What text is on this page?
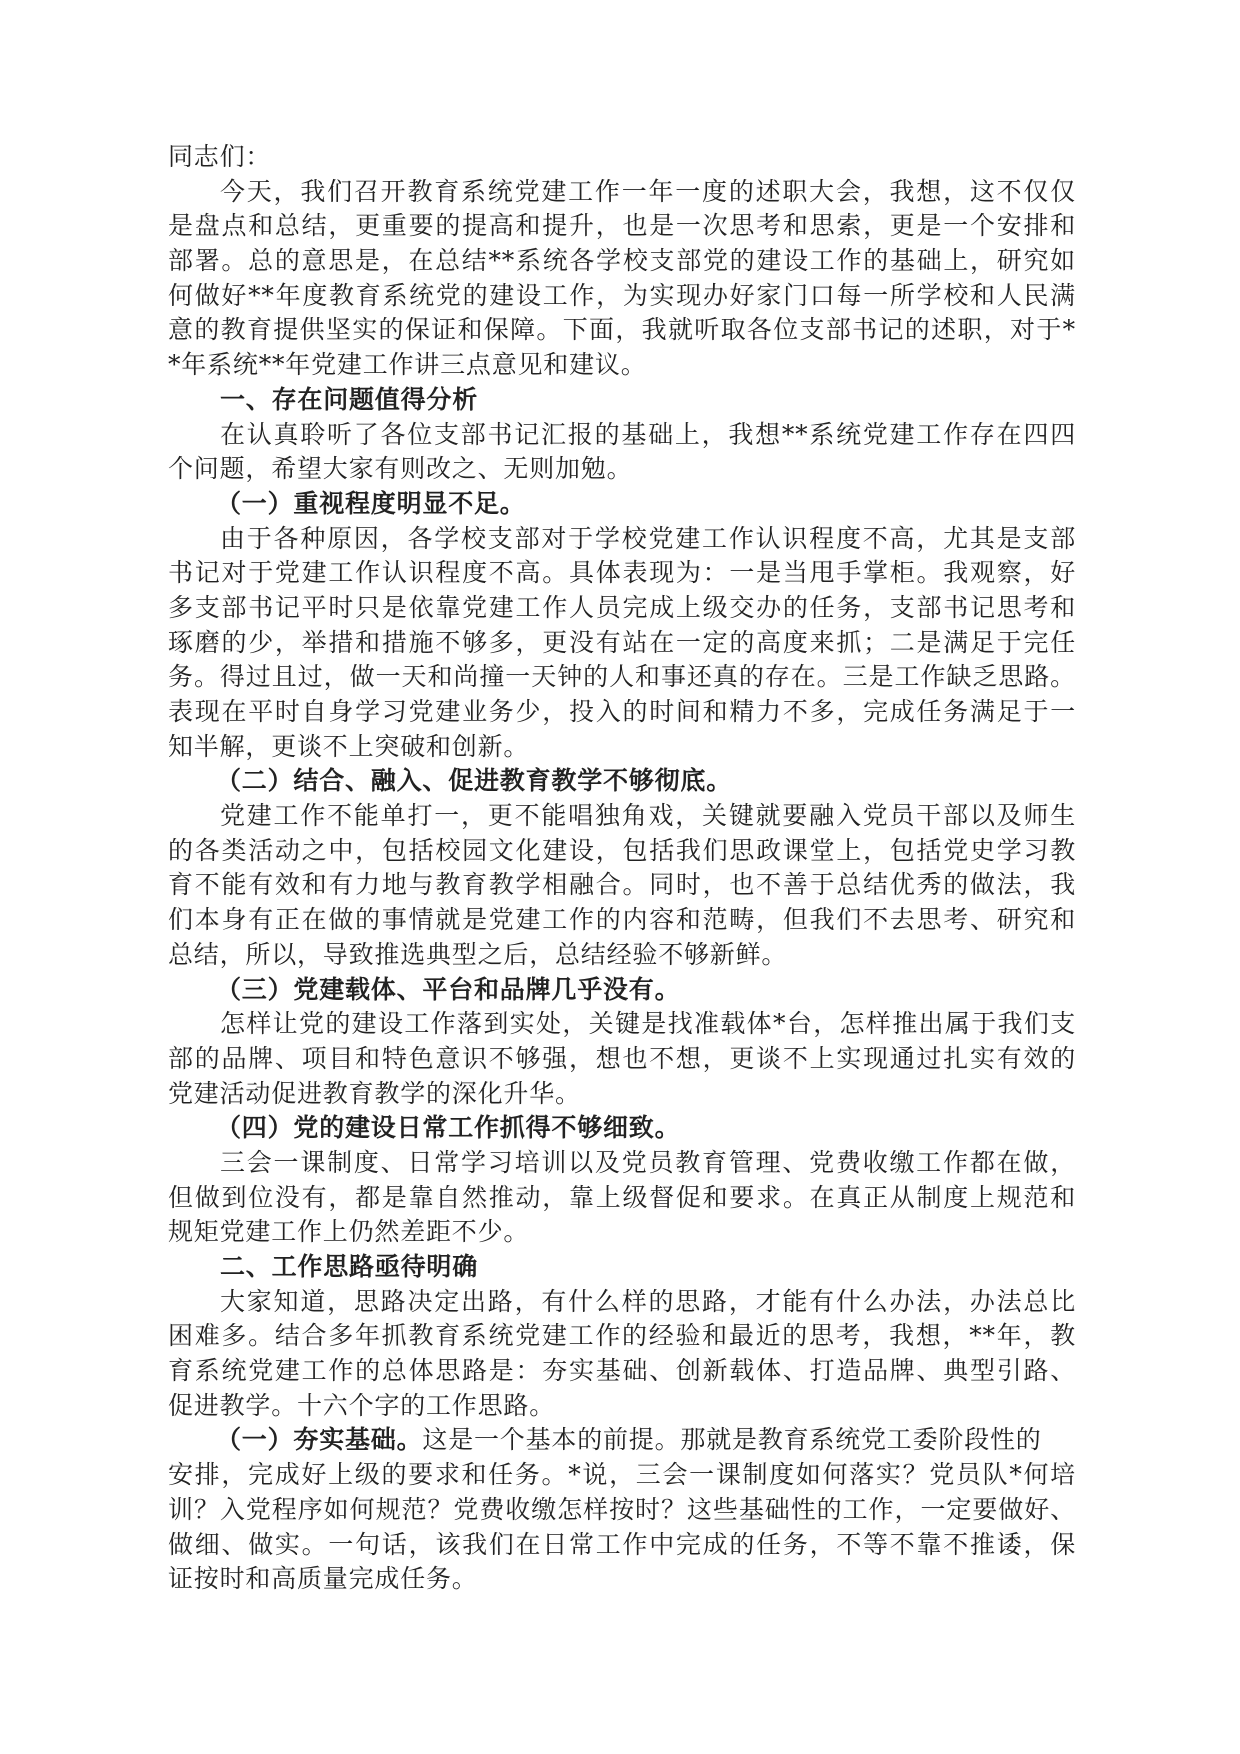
同志们：
今天，我们召开教育系统党建工作一年一度的述职大会，我想，这不仅仅
是盘点和总结，更重要的提高和提升，也是一次思考和思索，更是一个安排和
部署。总的意思是，在总结**系统各学校支部党的建设工作的基础上，研究如
何做好**年度教育系统党的建设工作，为实现办好家门口每一所学校和人民满
意的教育提供坚实的保证和保障。下面，我就听取各位支部书记的述职，对于*
*年系统**年党建工作讲三点意见和建议。
一、存在问题值得分析
在认真聆听了各位支部书记汇报的基础上，我想**系统党建工作存在四四
个问题，希望大家有则改之、无则加勉。
（一）重视程度明显不足。
由于各种原因，各学校支部对于学校党建工作认识程度不高，尤其是支部
书记对于党建工作认识程度不高。具体表现为：一是当甩手掌柜。我观察，好
多支部书记平时只是依靠党建工作人员完成上级交办的任务，支部书记思考和
琢磨的少，举措和措施不够多，更没有站在一定的高度来抓；二是满足于完任
务。得过且过，做一天和尚撞一天钟的人和事还真的存在。三是工作缺乏思路。
表现在平时自身学习党建业务少，投入的时间和精力不多，完成任务满足于一
知半解，更谈不上突破和创新。
（二）结合、融入、促进教育教学不够彻底。
党建工作不能单打一，更不能唱独角戏，关键就要融入党员干部以及师生
的各类活动之中，包括校园文化建设，包括我们思政课堂上，包括党史学习教
育不能有效和有力地与教育教学相融合。同时，也不善于总结优秀的做法，我
们本身有正在做的事情就是党建工作的内容和范畴，但我们不去思考、研究和
总结，所以，导致推选典型之后，总结经验不够新鲜。
（三）党建载体、平台和品牌几乎没有。
怎样让党的建设工作落到实处，关键是找准载体*台，怎样推出属于我们支
部的品牌、项目和特色意识不够强，想也不想，更谈不上实现通过扎实有效的
党建活动促进教育教学的深化升华。
（四）党的建设日常工作抓得不够细致。
三会一课制度、日常学习培训以及党员教育管理、党费收缴工作都在做，
但做到位没有，都是靠自然推动，靠上级督促和要求。在真正从制度上规范和
规矩党建工作上仍然差距不少。
二、工作思路亟待明确
大家知道，思路决定出路，有什么样的思路，才能有什么办法，办法总比
困难多。结合多年抓教育系统党建工作的经验和最近的思考，我想，**年，教
育系统党建工作的总体思路是：夯实基础、创新载体、打造品牌、典型引路、
促进教学。十六个字的工作思路。
（一）夯实基础。这是一个基本的前提。那就是教育系统党工委阶段性的
安排，完成好上级的要求和任务。*说，三会一课制度如何落实？党员队*何培
训？入党程序如何规范？党费收缴怎样按时？这些基础性的工作，一定要做好、
做细、做实。一句话，该我们在日常工作中完成的任务，不等不靠不推诿，保
证按时和高质量完成任务。
